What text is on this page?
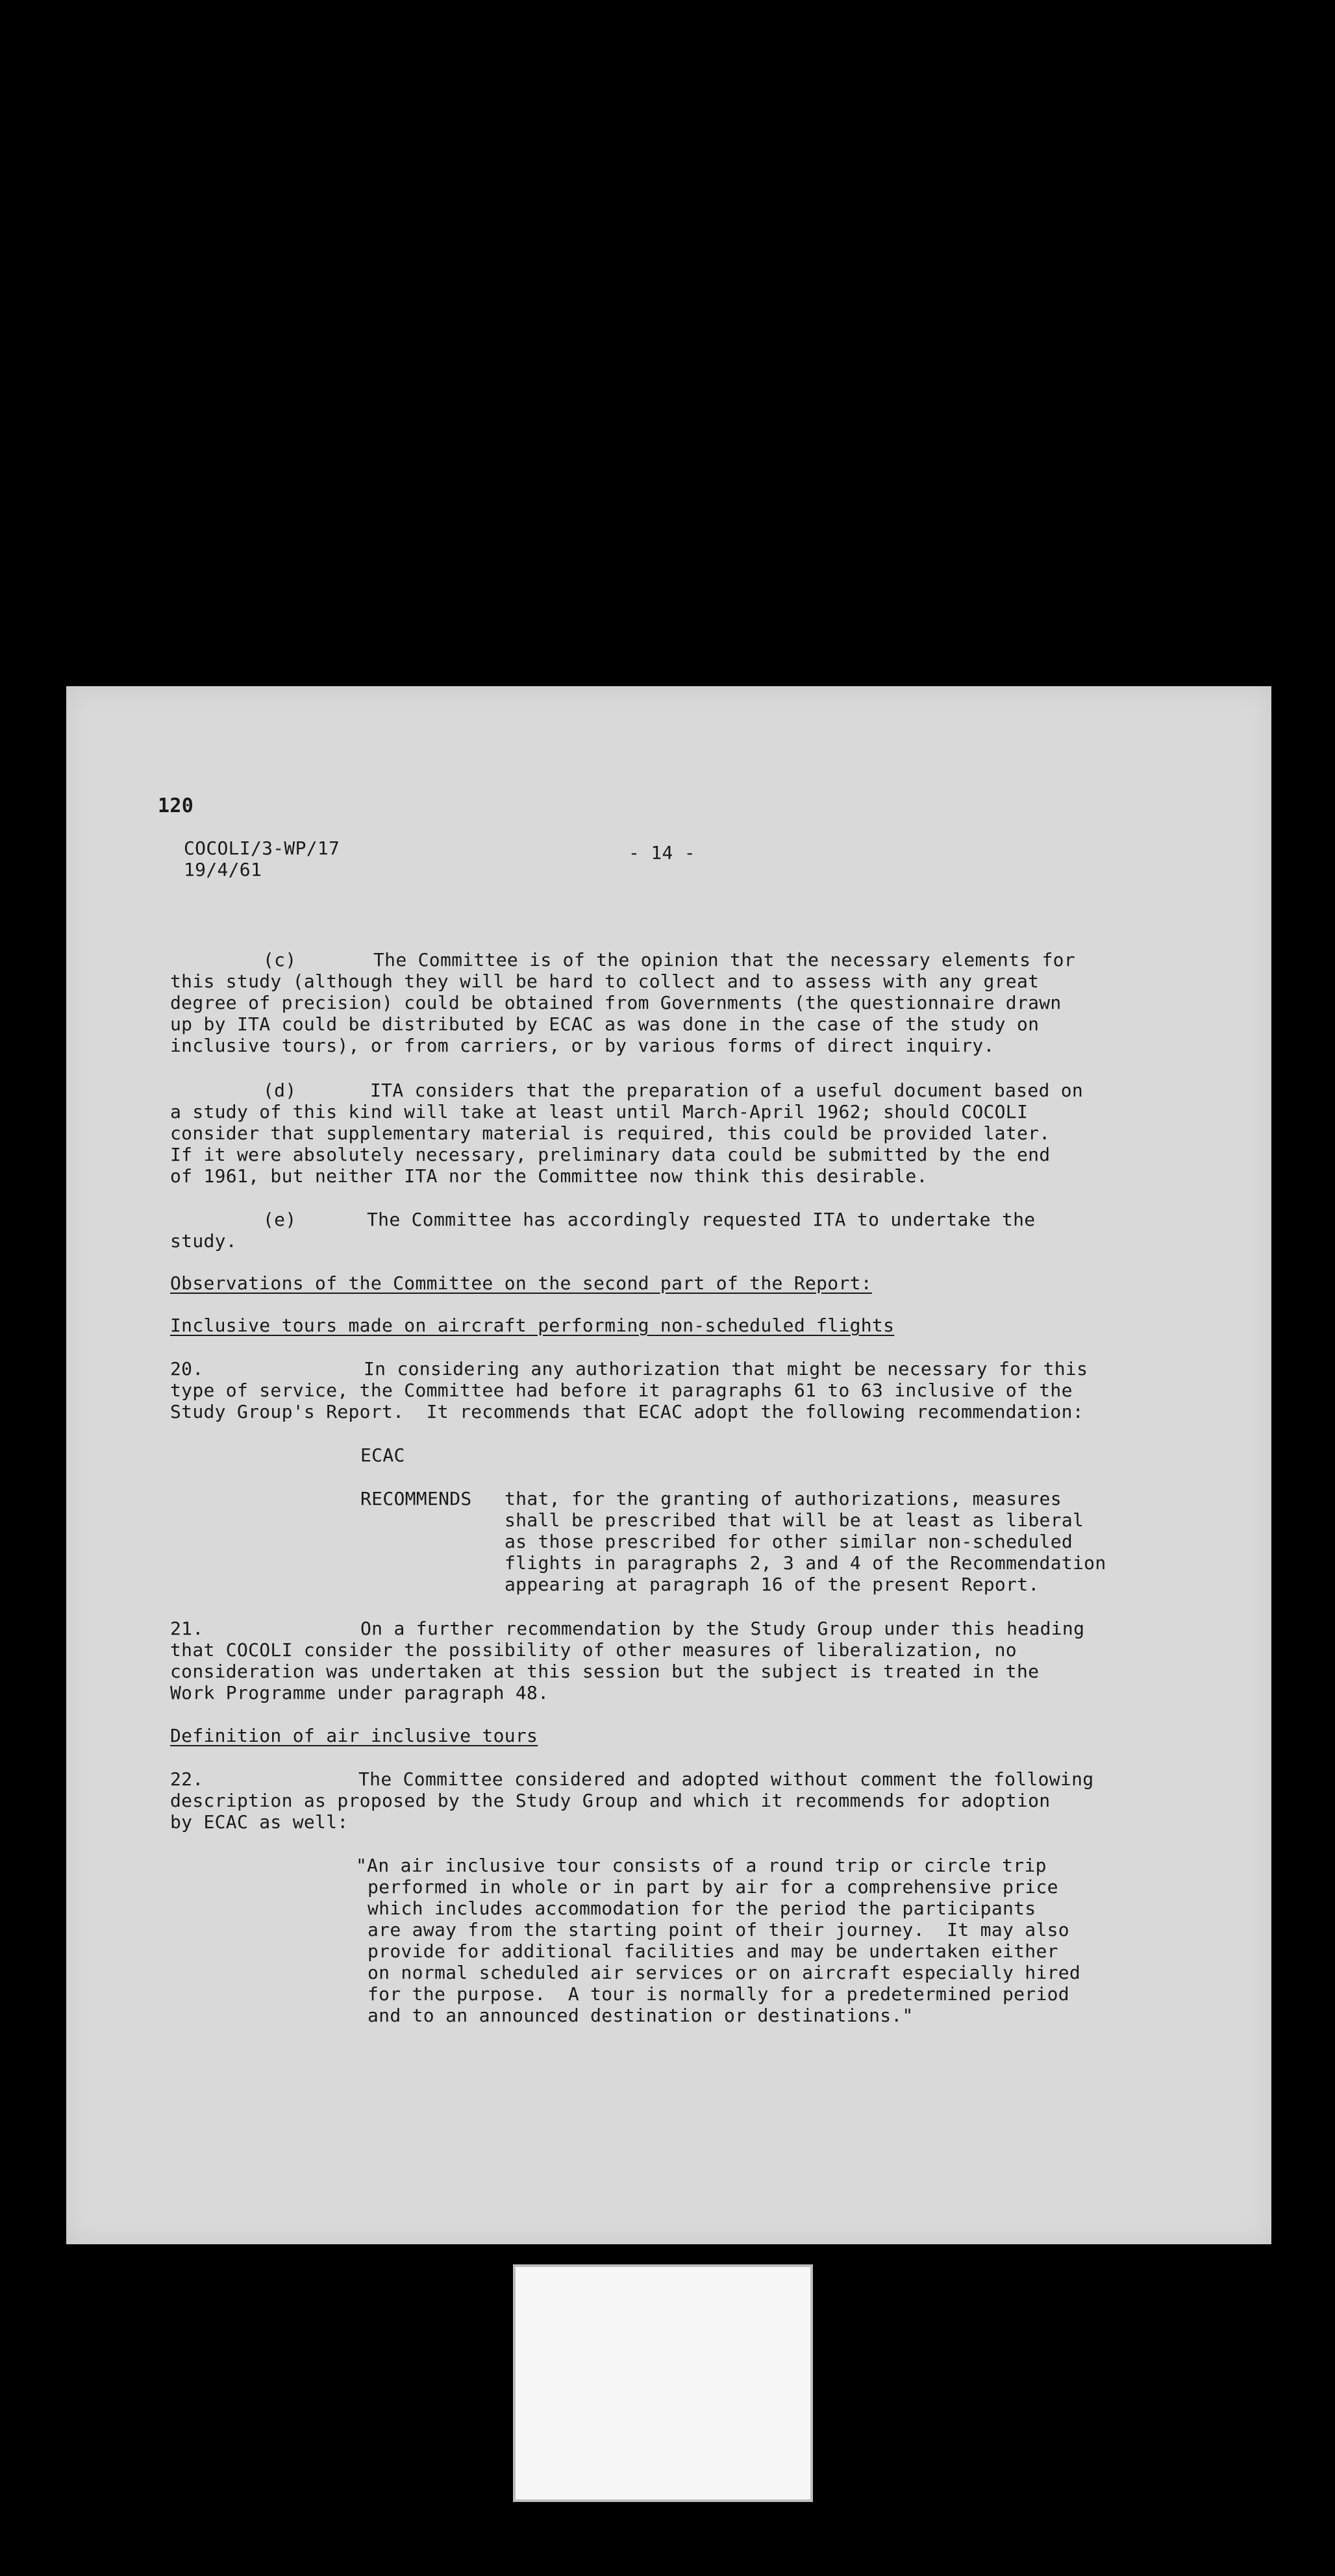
120
COCOLI/3-WP/17
19/4/61
- 14 -
(c)	The Committee is of the opinion that the necessary elements for
this study (although they will be hard to collect and to assess with any great
degree of precision) could be obtained from Governments (the questionnaire drawn
up by ITA could be distributed by ECAC as was done in the case of the study on
inclusive tours), or from carriers, or by various forms of direct inquiry.
(d)	ITA considers that the preparation of a useful document based on
a study of this kind will take at least until March-April 1962; should COCOLI
consider that supplementary material is required, this could be provided later.
If it were absolutely necessary, preliminary data could be submitted by the end
of 1961, but neither ITA nor the Committee now think this desirable.
(e)	The Committee has accordingly requested ITA to undertake the
study.
Observations of the Committee on the second part of the Report:
Inclusive tours made on aircraft performing non-scheduled flights
20.	In considering any authorization that might be necessary for this
type of service, the Committee had before it paragraphs 61 to 63 inclusive of the
Study Group's Report.  It recommends that ECAC adopt the following recommendation:
ECAC
RECOMMENDS that, for the granting of authorizations, measures
shall be prescribed that will be at least as liberal
as those prescribed for other similar non-scheduled
flights in paragraphs 2, 3 and 4 of the Recommendation
appearing at paragraph 16 of the present Report.
21.	On a further recommendation by the Study Group under this heading
that COCOLI consider the possibility of other measures of liberalization, no
consideration was undertaken at this session but the subject is treated in the
Work Programme under paragraph 48.
Definition of air inclusive tours
22.	The Committee considered and adopted without comment the following
description as proposed by the Study Group and which it recommends for adoption
by ECAC as well:
"An air inclusive tour consists of a round trip or circle trip
performed in whole or in part by air for a comprehensive price
which includes accommodation for the period the participants
are away from the starting point of their journey.  It may also
provide for additional facilities and may be undertaken either
on normal scheduled air services or on aircraft especially hired
for the purpose.  A tour is normally for a predetermined period
and to an announced destination or destinations."
